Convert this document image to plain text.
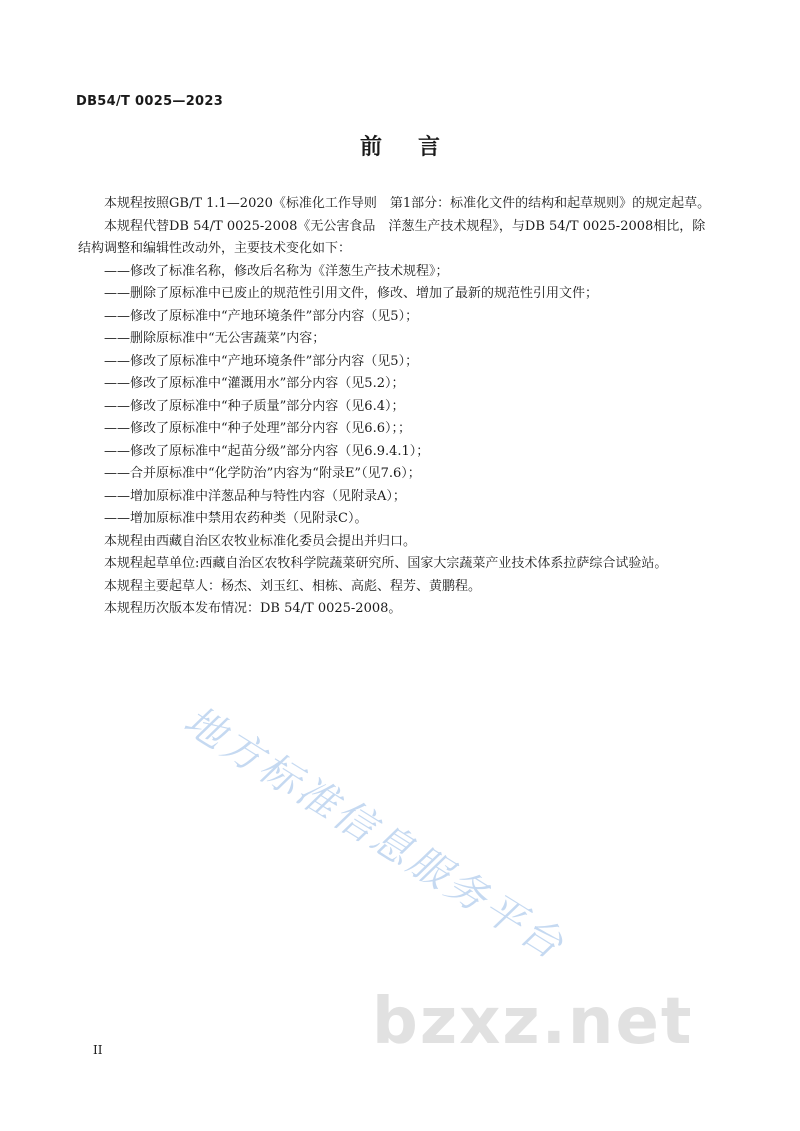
DB54/T 0025—2023
前 言

本规程按照GB/T 1.1—2020《标准化工作导则　第1部分：标准化文件的结构和起草规则》的规定起草。

本规程代替DB 54/T 0025-2008《无公害食品　洋葱生产技术规程》，与DB 54/T 0025-2008相比，除结构调整和编辑性改动外，主要技术变化如下：

——修改了标准名称，修改后名称为《洋葱生产技术规程》；

——删除了原标准中已废止的规范性引用文件，修改、增加了最新的规范性引用文件；

——修改了原标准中“产地环境条件”部分内容（见5）；

——删除原标准中“无公害蔬菜”内容；

——修改了原标准中“产地环境条件”部分内容（见5）；

——修改了原标准中“灌溉用水”部分内容（见5.2）；

——修改了原标准中“种子质量”部分内容（见6.4）；

——修改了原标准中“种子处理”部分内容（见6.6）；；

——修改了原标准中“起苗分级”部分内容（见6.9.4.1）；

——合并原标准中“化学防治”内容为“附录E”（见7.6）；

——增加原标准中洋葱品种与特性内容（见附录A）；

——增加原标准中禁用农药种类（见附录C）。

本规程由西藏自治区农牧业标准化委员会提出并归口。

本规程起草单位:西藏自治区农牧科学院蔬菜研究所、国家大宗蔬菜产业技术体系拉萨综合试验站。

本规程主要起草人：杨杰、刘玉红、相栋、高彪、程芳、黄鹏程。

本规程历次版本发布情况：DB 54/T 0025-2008。

地方标准信息服务平台
bzxz.net
II
